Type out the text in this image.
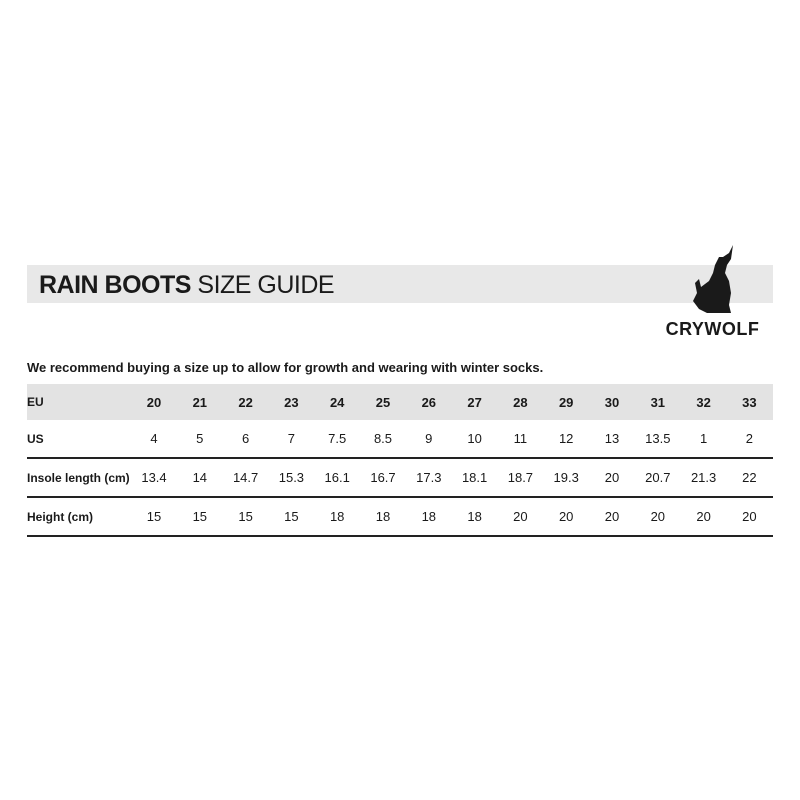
RAIN BOOTS SIZE GUIDE
CRYWOLF
We recommend buying a size up to allow for growth and wearing with winter socks.
EU	20	21	22	23	24	25	26	27	28	29	30	31	32	33
US	4	5	6	7	7.5	8.5	9	10	11	12	13	13.5	1	2
Insole length (cm) 13.4	14	14.7	15.3	16.1	16.7	17.3	18.1	18.7	19.3	20	20.7	21.3	22
Height (cm)	15	15	15	15	18	18	18	18	20	20	20	20	20	20
